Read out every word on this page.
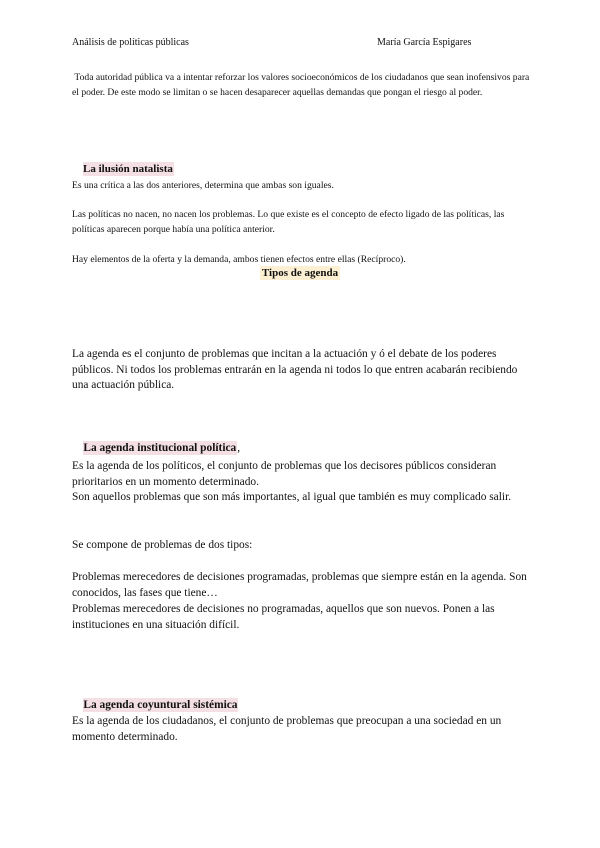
Análisis de políticas públicas	María García Espigares
Toda autoridad pública va a intentar reforzar los valores socioeconómicos de los ciudadanos que sean inofensivos para el poder. De este modo se limitan o se hacen desaparecer aquellas demandas que pongan el riesgo al poder.

La ilusión natalista

Es una crítica a las dos anteriores, determina que ambas son iguales.
Las políticas no nacen, no nacen los problemas. Lo que existe es el concepto de efecto ligado de las políticas, las políticas aparecen porque había una política anterior.
Hay elementos de la oferta y la demanda, ambos tienen efectos entre ellas (Recíproco).
Tipos de agenda
La agenda es el conjunto de problemas que incitan a la actuación y ó el debate de los poderes públicos. Ni todos los problemas entrarán en la agenda ni todos lo que entren acabarán recibiendo una actuación pública.

La agenda institucional política,

Es la agenda de los políticos, el conjunto de problemas que los decisores públicos consideran prioritarios en un momento determinado.
Son aquellos problemas que son más importantes, al igual que también es muy complicado salir.
Se compone de problemas de dos tipos:
Problemas merecedores de decisiones programadas, problemas que siempre están en la agenda. Son conocidos, las fases que tiene…
Problemas merecedores de decisiones no programadas, aquellos que son nuevos. Ponen a las instituciones en una situación difícil.

La agenda coyuntural sistémica

Es la agenda de los ciudadanos, el conjunto de problemas que preocupan a una sociedad en un momento determinado.
